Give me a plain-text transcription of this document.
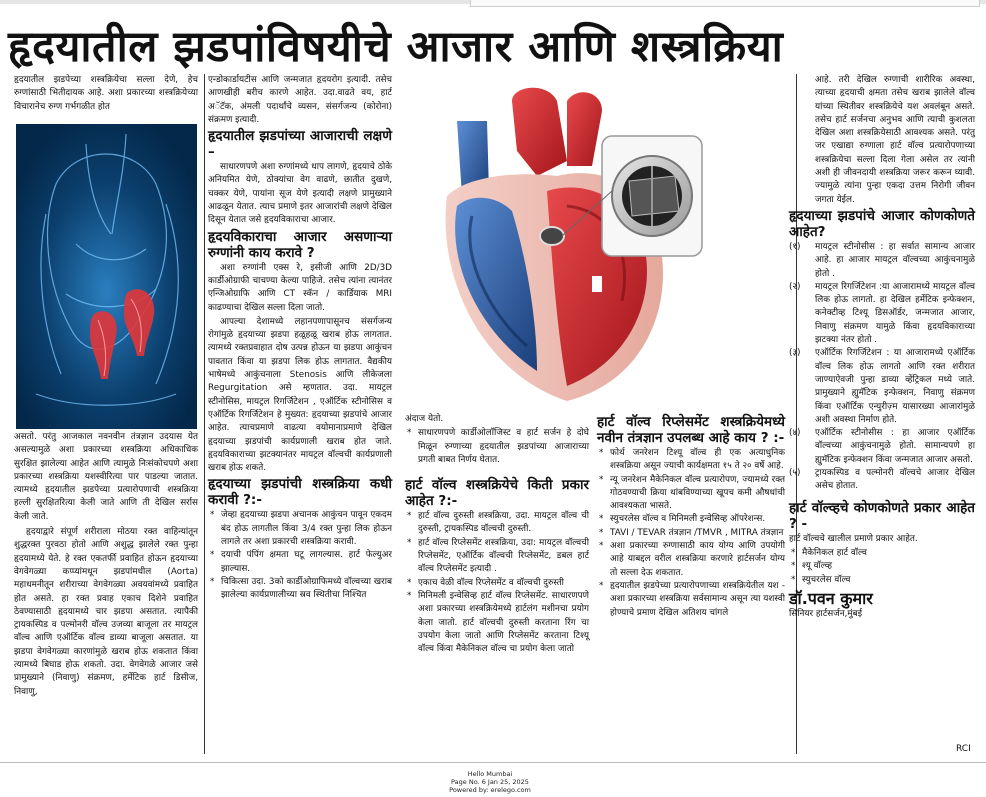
हृदयातील झडपांविषयीचे आजार आणि शस्त्रक्रिया

हृदयातील झडपेच्या शस्त्रक्रियेचा सल्ला देणे, हेच रुग्णांसाठी भितीदायक आहे. अशा प्रकारच्या शस्त्रक्रियेच्या विचारानेच रुग्ण गर्भगळीत होत

असतो. परंतु आजकाल नवनवीन तंत्रज्ञान उदयास येत असल्यामुळे अशा प्रकारच्या शस्त्रक्रिया अधिकाधिक सुरक्षित झालेल्या आहेत आणि त्यामुळे निःसंकोचपणे अशा प्रकारच्या शस्त्रक्रिया यशस्वीरित्या पार पाडल्या जातात. त्यामध्ये हृदयातील झडपेच्या प्रत्यारोपणाची शस्त्रक्रिया हल्ली सुरक्षितरित्या केली जाते आणि ती देखिल सर्रास केली जाते.

हृदयाद्वारे संपूर्ण शरीराला मोठया रक्त वाहिन्यांतून शुद्धरक्त पुरवठा होतो आणि अशुद्ध झालेले रक्त पुन्हा हृदयामध्ये येते. हे रक्त एकतर्फी प्रवाहित होऊन हृदयाच्या वेगवेगळ्या कप्प्यांमधून झडपांमधील (Aorta) महाधमनीतून शरीराच्या वेगवेगळ्या अवयवांमध्ये प्रवाहित होत असते. हा रक्त प्रवाह एकाच दिशेने प्रवाहित ठेवण्यासाठी हृदयामध्ये चार झडपा असतात. त्यापैकी ट्रायकस्पिड व पल्मोनरी वॉल्व उजव्या बाजूला तर मायट्रल वॉल्व आणि एऑर्टिक वॉल्व डाव्या बाजूला असतात. या झडपा वेगवेगळ्या कारणांमुळे खराब होऊ शकतात किंवा त्यामध्ये बिघाड होऊ शकतो. उदा. वेगवेगळे आजार जसे प्रामुख्याने (निवाणु) संक्रमण, हर्मेटिक हार्ट डिसीज, निवाणु,

एन्डोकार्डायटीस आणि जन्मजात हृदयरोग इत्यादी. तसेच आणखीही बरीच कारणे आहेत. उदा.वाढते वय, हार्ट अॅटॅक, अंमली पदार्थांचे व्यसन, संसर्गजन्य (कोरोना) संक्रमण इत्यादी.

हृदयातील झडपांच्या आजाराची लक्षणे –

साधारणपणे अशा रुग्णांमध्ये धाप लागणे, हृदयाचे ठोके अनियमित येणे, ठोक्यांचा वेग वाढणे, छातीत दुखणे, चक्कर येणे, पायांना सूज येणे इत्यादी लक्षणे प्रामुख्याने आढळून येतात. त्याच प्रमाणे इतर आजारांची लक्षणे देखिल दिसून येतात जसे हृदयविकाराचा आजार.

हृदयविकाराचा आजार असणाऱ्या रुग्णांनी काय करावे ?

अशा रुग्णांनी एक्स रे, इसीजी आणि 2D/3D कार्डीओग्राफी चाचण्या केल्या पाहिजे. तसेच त्यांना त्यानंतर एन्जिओग्राफि आणि CT स्कॅन / कार्डियाक MRI काढण्याचा देखिल सल्ला दिला जातो.

आपल्या देशामध्ये लहानपणापासूनच संसर्गजन्य रोगांमुळे हृदयाच्या झडपा हळूहळू खराब होऊ लागतात. त्यामध्ये रक्तप्रवाहात दोष उत्पन्न होऊन या झडपा आकुंचन पावतात किंवा या झडपा लिक होऊ लागतात. वैद्यकीय भाषेमध्ये आकुंचनाला Stenosis आणि लीकेजला Regurgitation असे म्हणतात. उदा. मायट्रल स्टीनोसिस, मायट्रल रिगर्जिटेशन , एऑर्टिक स्टीनोसिस व एऑर्टिक रिगर्जिटेशन हे मुख्यत: हृदयाच्या झडपांचे आजार आहेत. त्याचप्रमाणे वाढत्या वयोमानाप्रमाणे देखिल हृदयाच्या झडपांची कार्यप्रणाली खराब होत जाते. हृदयविकाराच्या झटक्यानंतर मायट्रल वॉल्वची कार्यप्रणाली खराब होऊ शकते.

हृदयाच्या झडपांची शस्त्रक्रिया कधी करावी ?:-
* जेव्हा हृदयाच्या झडपा अचानक आकुंचन पावून एकदम बंद होऊ लागतील किंवा 3/4 रक्त पुन्हा लिक होऊन लागले तर अशा प्रकारची शस्त्रक्रिया करावी.
* दयाची पंपिंग क्षमता घटू लागल्यास. हार्ट फेल्युअर झाल्यास.
* चिकित्सा उदा. 3को कार्डीओग्राफिमध्ये वॉल्वच्या खराब झालेल्या कार्यप्रणालीच्या स्रव स्थितीचा निश्चित

अंदाज येतो.

* साधारणपणे कार्डीओलॉजिस्ट व हार्ट सर्जन हे दोघे मिळून रुग्णाच्या हृदयातील झडपांच्या आजाराच्या प्रगती बाबत निर्णय घेतात.
हार्ट वॉल्व शस्त्रक्रियेचे किती प्रकार आहेत ?:-
* हार्ट वॉल्व दुरुस्ती शस्त्रक्रिया, उदा. मायट्रल वॉल्व ची दुरुस्ती, ट्रायकस्पिड वॉल्वची दुरुस्ती.
* हार्ट वॉल्व रिप्लेसमेंट शस्त्रक्रिया, उदा: मायट्रल वॉल्वची रिप्लेसमेंट, एऑर्टिक वॉल्वची रिप्लेसमेंट, डबल हार्ट वॉल्व रिप्लेसमेंट इत्यादी .
* एकाच वेळी वॉल्व रिप्लेसमेंट व वॉल्वची दुरुस्ती
* मिनिमली इन्वेसिव्ह हार्ट वॉल्व रिप्लेसमेंट. साधारणपणे अशा प्रकारच्या शस्त्रक्रियेमध्ये हार्टलंग मशीनचा प्रयोग केला जातो. हार्ट वॉल्वची दुरुस्ती करताना रिंग चा उपयोग केला जातो आणि रिप्लेसमेंट करताना टिश्यू वॉल्व किंवा मैकेनिकल वॉल्व चा प्रयोग केला जातो
हार्ट वॉल्व रिप्लेसमेंट शस्त्रक्रियेमध्ये नवीन तंत्रज्ञान उपलब्ध आहे काय ? :-
* फोर्थ जनरेशन टिश्यू वॉल्व ही एक अत्याधुनिक शस्त्रक्रिया असून ज्याची कार्यक्षमता १५ ते २० वर्षे आहे.
* न्यू जनरेशन मैकेनिकल वॉल्व प्रत्यारोपण, ज्यामध्ये रक्त गोठवण्याची क्रिया थांबविण्याच्या खूपच कमी औषधांची आवश्यकता भासते.
* स्युचरलेस वॉल्व व मिनिमली इन्वेसिव्ह ऑपरेशन्स.
* TAVI / TEVAR तंत्रज्ञान /TMVR , MITRA तंत्रज्ञान
* अशा प्रकारच्या रुग्णासाठी काय योग्य आणि उपयोगी आहे याबद्दल वरील शस्त्रक्रिया करणारे हार्टसर्जन योग्य तो सल्ला देऊ शकतात.
* हृदयातील झडपेच्या प्रत्यारोपणाच्या शस्त्रक्रियेतील यश - अशा प्रकारच्या शस्त्रक्रिया सर्वसामान्य असून त्या यशस्वी होण्याचे प्रमाण देखिल अतिशय चांगले

आहे. तरी देखिल रुग्णाची शारीरिक अवस्था, त्याच्या हृदयाची क्षमता तसेच खराब झालेले वॉल्व यांच्या स्थितीवर शस्त्रक्रियेचे यश अवलंबून असते. तसेच हार्ट सर्जनचा अनुभव आणि त्याची कुशलता देखिल अशा शस्त्रक्रियेसाठी आवश्यक असते. परंतु जर एखाद्या रुग्णाला हार्ट वॉल्व प्रत्यारोपणाच्या शस्त्रक्रियेचा सल्ला दिला गेला असेल तर त्यांनी अशी ही जीवनदायी शस्त्रक्रिया जरूर करून घ्यावी. ज्यामुळे त्यांना पुन्हा एकदा उत्तम निरोगी जीवन जगता येईल.

हृदयाच्या झडपांचे आजार कोणकोणते आहेत?
(१) मायट्रल स्टीनोसीस : हा सर्वात सामान्य आजार आहे. हा आजार मायट्रल वॉल्वच्या आकुंचनामुळे होतो .
(२) मायट्रल रिगर्जिटेशन :या आजारामध्ये मायट्रल वॉल्व लिक होऊ लागतो. हा देखिल हर्मेटिक इन्फेक्शन, कनेक्टीव्ह टिश्यू डिसऑर्डर, जन्मजात आजार, निवाणु संक्रमण यामुळे किंवा हृदयविकाराच्या झटक्या नंतर होतो .
(३) एऑर्टिक रिगर्जिटेशन : या आजारामध्ये एऑर्टिक वॉल्व लिक होऊ लागतो आणि रक्त शरीरात जाण्याऐवजी पुन्हा डाव्या व्हेंट्रिकल मध्ये जाते. प्रामुख्याने ह्युमॅटिक इन्फेक्शन, निवाणु संक्रमण किंवा एऑर्टिक एन्युरीज़्म यासारख्या आजारांमुळे अशी अवस्था निर्माण होते.
(४) एऑर्टिक स्टीनोसीस : हा आजार एऑर्टिक वॉल्वच्या आकुंचनामुळे होतो. सामान्यपणे हा ह्युमॅटिक इन्फेक्शन किंवा जन्मजात आजार असतो.
(५) ट्रायकस्पिड व पल्मोनरी वॉल्वचे आजार देखिल असेच होतात.
हार्ट वॉल्व्हचे कोणकोणते प्रकार आहेत ? -

हार्ट वॉल्वचे खालील प्रमाणे प्रकार आहेत.

* मैकेनिकल हार्ट वॉल्व
* श्यू वॉल्व्ह
* स्युचरलेस वॉल्व
डॉ.पवन कुमार
सिनियर हार्टसर्जन,मुंबई
RCI
Hello Mumbai
Page No. 6 Jan 25, 2025
Powered by: erelego.com
